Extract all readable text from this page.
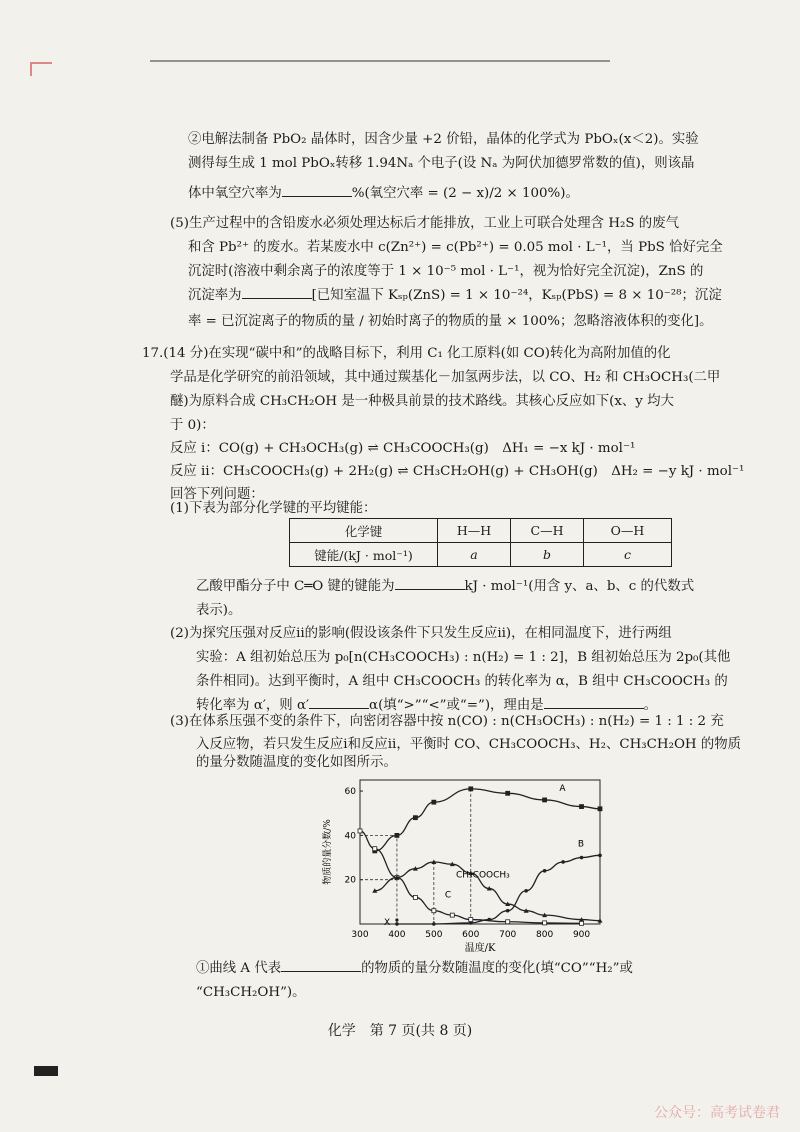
②电解法制备 PbO₂ 晶体时，因含少量 +2 价铅，晶体的化学式为 PbOₓ(x＜2)。实验
测得每生成 1 mol PbOₓ转移 1.94Nₐ 个电子(设 Nₐ 为阿伏加德罗常数的值)，则该晶
体中氧空穴率为	%(氧空穴率 = (2 − x)/2 × 100%)。
(5)生产过程中的含铅废水必须处理达标后才能排放，工业上可联合处理含 H₂S 的废气
和含 Pb²⁺ 的废水。若某废水中 c(Zn²⁺) = c(Pb²⁺) = 0.05 mol · L⁻¹，当 PbS 恰好完全
沉淀时(溶液中剩余离子的浓度等于 1 × 10⁻⁵ mol · L⁻¹，视为恰好完全沉淀)，ZnS 的
沉淀率为	[已知室温下 Kₛₚ(ZnS) = 1 × 10⁻²⁴，Kₛₚ(PbS) = 8 × 10⁻²⁸；沉淀
率 = 已沉淀离子的物质的量 / 初始时离子的物质的量 × 100%；忽略溶液体积的变化]。
17.(14 分)在实现“碳中和”的战略目标下，利用 C₁ 化工原料(如 CO)转化为高附加值的化
学品是化学研究的前沿领域，其中通过羰基化－加氢两步法，以 CO、H₂ 和 CH₃OCH₃(二甲
醚)为原料合成 CH₃CH₂OH 是一种极具前景的技术路线。其核心反应如下(x、y 均大
于 0)：
反应 ⅰ：CO(g) + CH₃OCH₃(g) ⇌ CH₃COOCH₃(g)　ΔH₁ = −x kJ · mol⁻¹
反应 ⅱ：CH₃COOCH₃(g) + 2H₂(g) ⇌ CH₃CH₂OH(g) + CH₃OH(g)　ΔH₂ = −y kJ · mol⁻¹
回答下列问题：
(1)下表为部分化学键的平均键能：
化学键	H—H	C—H	O—H
键能/(kJ · mol⁻¹)	a	b	c
乙酸甲酯分子中 C═O 键的键能为	kJ · mol⁻¹(用含 y、a、b、c 的代数式
表示)。
(2)为探究压强对反应ⅱ的影响(假设该条件下只发生反应ⅱ)，在相同温度下，进行两组
实验：A 组初始总压为 p₀[n(CH₃COOCH₃) : n(H₂) = 1 : 2]，B 组初始总压为 2p₀(其他
条件相同)。达到平衡时，A 组中 CH₃COOCH₃ 的转化率为 α，B 组中 CH₃COOCH₃ 的
转化率为 α′，则 α′	α(填“>”“<”或“=”)，理由是	。
(3)在体系压强不变的条件下，向密闭容器中按 n(CO) : n(CH₃OCH₃) : n(H₂) = 1 : 1 : 2 充
入反应物，若只发生反应ⅰ和反应ⅱ，平衡时 CO、CH₃COOCH₃、H₂、CH₃CH₂OH 的物质
的量分数随温度的变化如图所示。
300 400 500 600 700 800 900
20
40
60	A
B
C
CH₃COOCH₃
X
温度/K
物质的量分数/%
①曲线 A 代表	的物质的量分数随温度的变化(填“CO”“H₂”或
“CH₃CH₂OH”)。
化学　第 7 页(共 8 页)
公众号：高考试卷君
